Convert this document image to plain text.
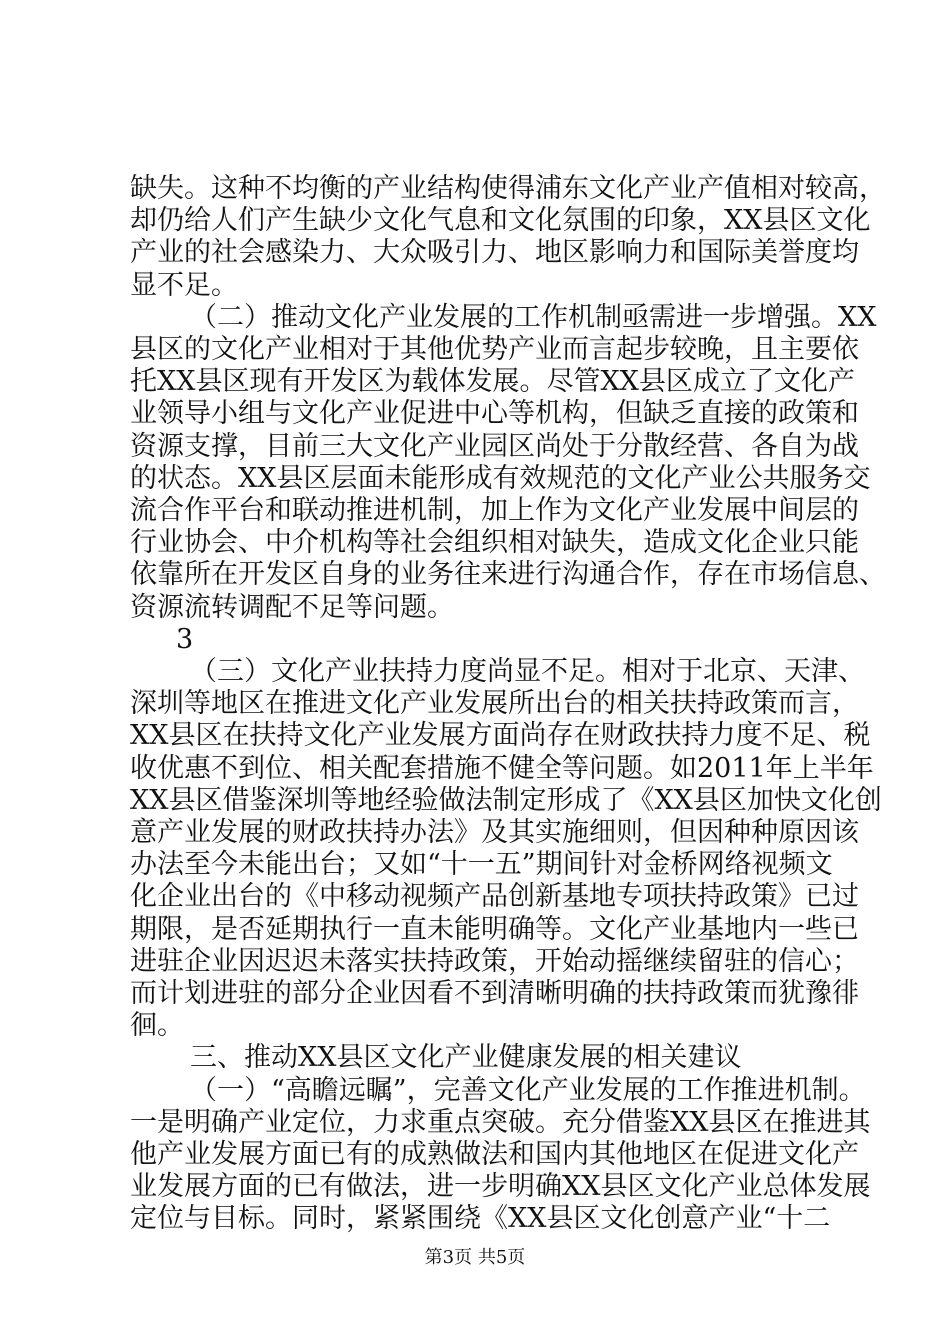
缺失。这种不均衡的产业结构使得浦东文化产业产值相对较高，
却仍给人们产生缺少文化气息和文化氛围的印象，XX县区文化
产业的社会感染力、大众吸引力、地区影响力和国际美誉度均
显不足。
（二）推动文化产业发展的工作机制亟需进一步增强。XX
县区的文化产业相对于其他优势产业而言起步较晚，且主要依
托XX县区现有开发区为载体发展。尽管XX县区成立了文化产
业领导小组与文化产业促进中心等机构，但缺乏直接的政策和
资源支撑，目前三大文化产业园区尚处于分散经营、各自为战
的状态。XX县区层面未能形成有效规范的文化产业公共服务交
流合作平台和联动推进机制，加上作为文化产业发展中间层的
行业协会、中介机构等社会组织相对缺失，造成文化企业只能
依靠所在开发区自身的业务往来进行沟通合作，存在市场信息、
资源流转调配不足等问题。
3
（三）文化产业扶持力度尚显不足。相对于北京、天津、
深圳等地区在推进文化产业发展所出台的相关扶持政策而言，
XX县区在扶持文化产业发展方面尚存在财政扶持力度不足、税
收优惠不到位、相关配套措施不健全等问题。如2011年上半年
XX县区借鉴深圳等地经验做法制定形成了《XX县区加快文化创
意产业发展的财政扶持办法》及其实施细则，但因种种原因该
办法至今未能出台；又如“十一五”期间针对金桥网络视频文
化企业出台的《中移动视频产品创新基地专项扶持政策》已过
期限，是否延期执行一直未能明确等。文化产业基地内一些已
进驻企业因迟迟未落实扶持政策，开始动摇继续留驻的信心；
而计划进驻的部分企业因看不到清晰明确的扶持政策而犹豫徘
徊。
三、推动XX县区文化产业健康发展的相关建议
（一）“高瞻远瞩”，完善文化产业发展的工作推进机制。
一是明确产业定位，力求重点突破。充分借鉴XX县区在推进其
他产业发展方面已有的成熟做法和国内其他地区在促进文化产
业发展方面的已有做法，进一步明确XX县区文化产业总体发展
定位与目标。同时，紧紧围绕《XX县区文化创意产业“十二
第3页 共5页
